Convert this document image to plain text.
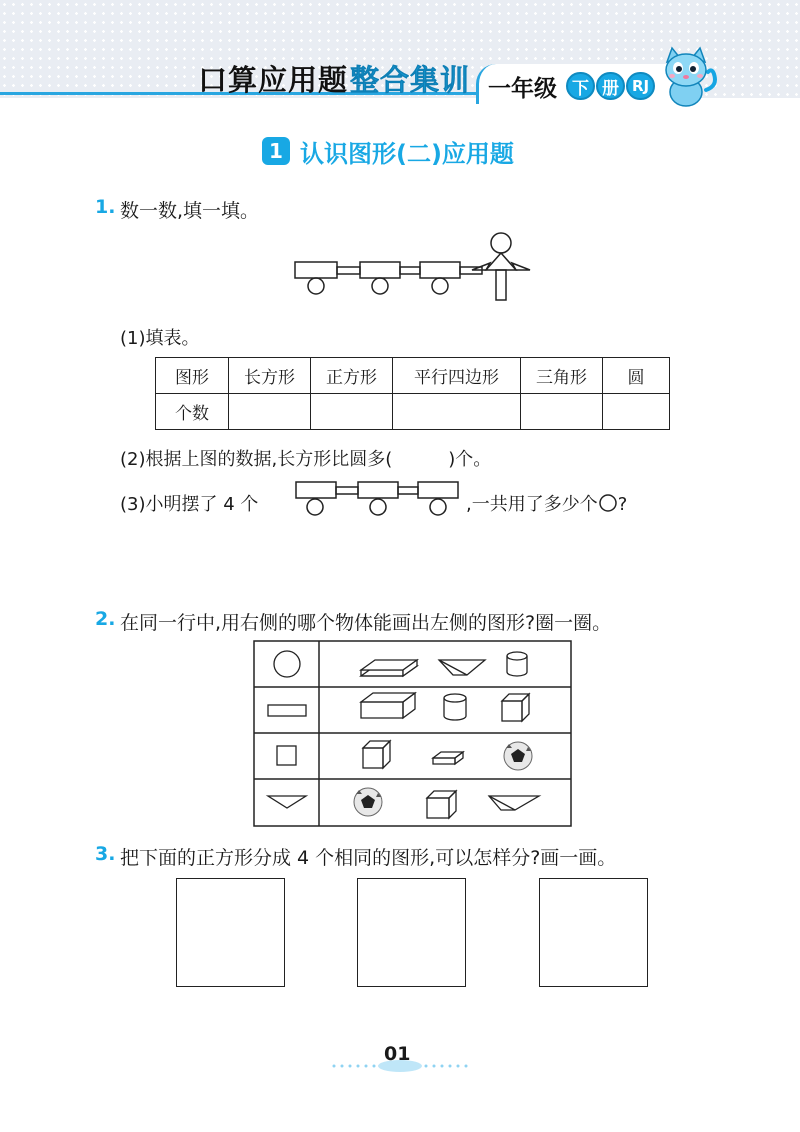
口算应用题整合集训 一年级 下 册 RJ
1 认识图形(二)应用题
1. 数一数,填一填。
(1)填表。
图形	长方形	正方形	平行四边形	三角形	圆
个数					
(2)根据上图的数据,长方形比圆多(	)个。
(3)小明摆了 4 个	,一共用了多少个 ?
2. 在同一行中,用右侧的哪个物体能画出左侧的图形?圈一圈。
3. 把下面的正方形分成 4 个相同的图形,可以怎样分?画一画。
01
